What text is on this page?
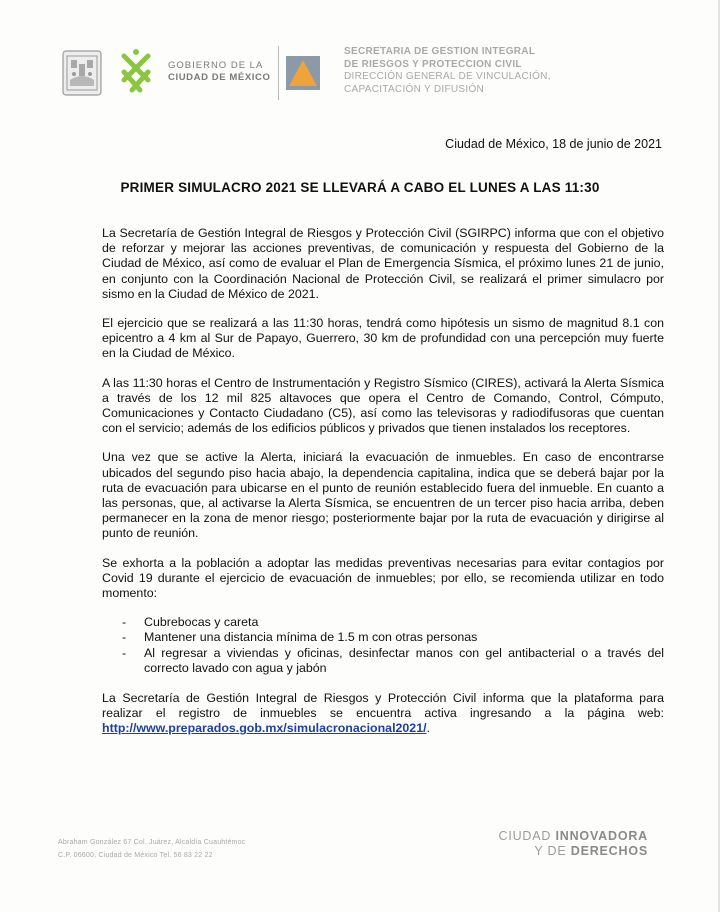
GOBIERNO DE LA
CIUDAD DE MÉXICO
SECRETARIA DE GESTION INTEGRAL
DE RIESGOS Y PROTECCION CIVIL
DIRECCIÓN GENERAL DE VINCULACIÓN,
CAPACITACIÓN Y DIFUSIÓN
Ciudad de México, 18 de junio de 2021
PRIMER SIMULACRO 2021 SE LLEVARÁ A CABO EL LUNES A LAS 11:30

La Secretaría de Gestión Integral de Riesgos y Protección Civil (SGIRPC) informa que con el objetivo de reforzar y mejorar las acciones preventivas, de comunicación y respuesta del Gobierno de la Ciudad de México, así como de evaluar el Plan de Emergencia Sísmica, el próximo lunes 21 de junio, en conjunto con la Coordinación Nacional de Protección Civil, se realizará el primer simulacro por sismo en la Ciudad de México de 2021.

El ejercicio que se realizará a las 11:30 horas, tendrá como hipótesis un sismo de magnitud 8.1 con epicentro a 4 km al Sur de Papayo, Guerrero, 30 km de profundidad con una percepción muy fuerte en la Ciudad de México.

A las 11:30 horas el Centro de Instrumentación y Registro Sísmico (CIRES), activará la Alerta Sísmica a través de los 12 mil 825 altavoces que opera el Centro de Comando, Control, Cómputo, Comunicaciones y Contacto Ciudadano (C5), así como las televisoras y radiodifusoras que cuentan con el servicio; además de los edificios públicos y privados que tienen instalados los receptores.

Una vez que se active la Alerta, iniciará la evacuación de inmuebles. En caso de encontrarse ubicados del segundo piso hacia abajo, la dependencia capitalina, indica que se deberá bajar por la ruta de evacuación para ubicarse en el punto de reunión establecido fuera del inmueble. En cuanto a las personas, que, al activarse la Alerta Sísmica, se encuentren de un tercer piso hacia arriba, deben permanecer en la zona de menor riesgo; posteriormente bajar por la ruta de evacuación y dirigirse al punto de reunión.

Se exhorta a la población a adoptar las medidas preventivas necesarias para evitar contagios por Covid 19 durante el ejercicio de evacuación de inmuebles; por ello, se recomienda utilizar en todo momento:

- Cubrebocas y careta
- Mantener una distancia mínima de 1.5 m con otras personas
- Al regresar a viviendas y oficinas, desinfectar manos con gel antibacterial o a través del correcto lavado con agua y jabón

La Secretaría de Gestión Integral de Riesgos y Protección Civil informa que la plataforma para realizar el registro de inmuebles se encuentra activa ingresando a la página web: http://www.preparados.gob.mx/simulacronacional2021/.

Abraham González 67 Col. Juárez, Alcaldía Cuauhtémoc
C.P. 06600, Ciudad de México Tel. 56 83 22 22
CIUDAD INNOVADORA
Y DE DERECHOS
